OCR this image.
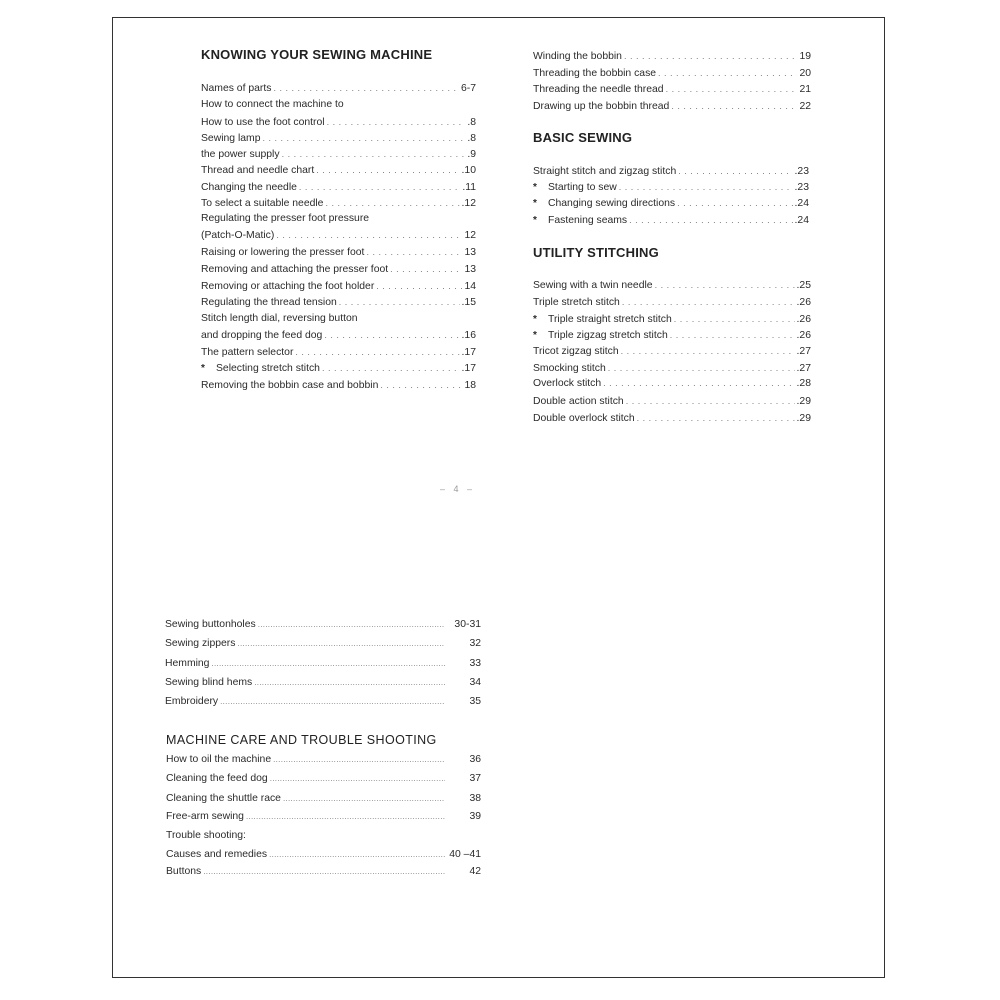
KNOWING YOUR SEWING MACHINE
Names of parts . . .	6-7
How to connect the machine to
How to use the foot control . . .	.8
Sewing lamp . . .	.8
the power supply . . .	.9
Thread and needle chart . . .	.10
Changing the needle . . .	.11
To select a suitable needle . . .	.12
Regulating the presser foot pressure
(Patch-O-Matic) . . .	12
Raising or lowering the presser foot . . .	13
Removing and attaching the presser foot . . .	13
Removing or attaching the foot holder . . .	14
Regulating the thread tension . . .	.15
Stitch length dial, reversing button
and dropping the feed dog . . .	.16
The pattern selector . . .	.17
*	Selecting stretch stitch . . .	.17
Removing the bobbin case and bobbin . . .	18
Winding the bobbin . . .	19
Threading the bobbin case . . .	20
Threading the needle thread . . .	21
Drawing up the bobbin thread . . .	22
BASIC SEWING
Straight stitch and zigzag stitch . . .	.23
*	Starting to sew . . .	.23
*	Changing sewing directions . . .	.24
*	Fastening seams . . .	.24
UTILITY STITCHING
Sewing with a twin needle . . .	.25
Triple stretch stitch . . .	.26
*	Triple straight stretch stitch . . .	.26
*	Triple zigzag stretch stitch . . .	.26
Tricot zigzag stitch . . .	.27
Smocking stitch . . .	.27
Overlock stitch . . .	.28
Double action stitch . . .	.29
Double overlock stitch . . .	.29
– 4 –
Sewing buttonholes .....	30-31
Sewing zippers .....	32
Hemming .....	33
Sewing blind hems .....	34
Embroidery .....	35
MACHINE CARE AND TROUBLE SHOOTING
How to oil the machine .....	36
Cleaning the feed dog .....	37
Cleaning the shuttle race .....	38
Free-arm sewing .....	39
Trouble shooting:
Causes and remedies .....	40 –41
Buttons .....	42
